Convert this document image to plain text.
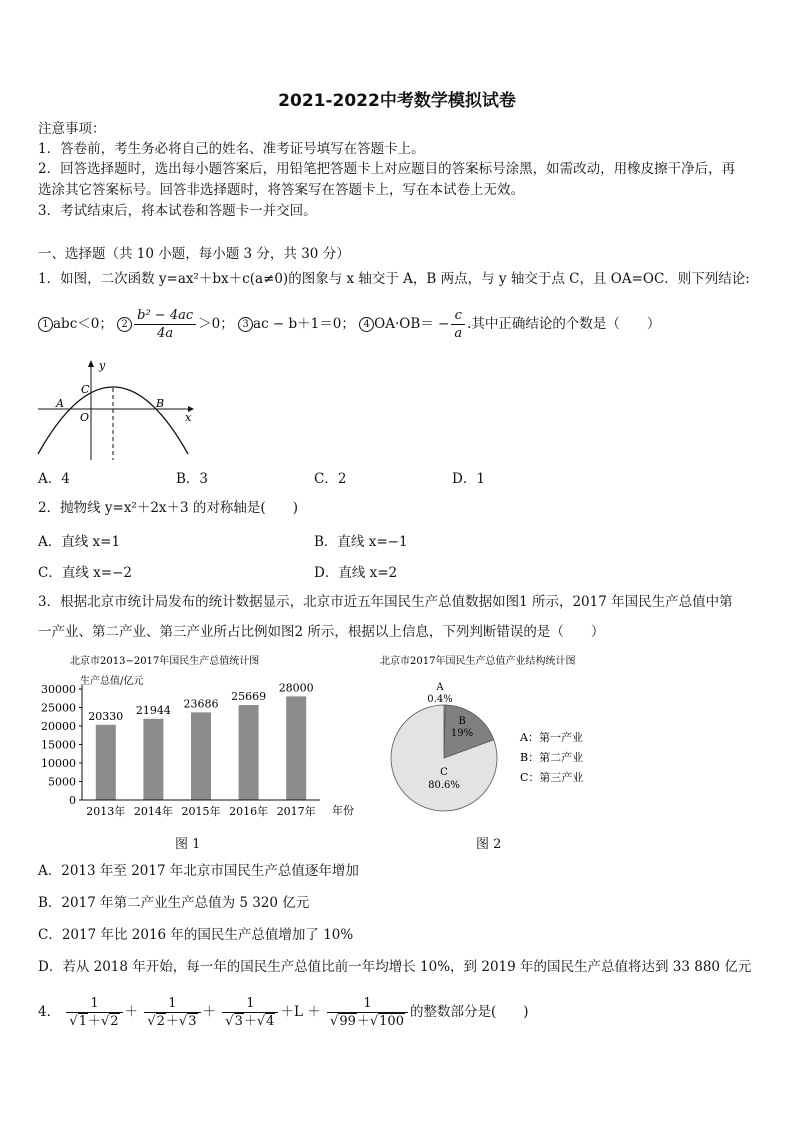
2021-2022中考数学模拟试卷
注意事项：
1．答卷前，考生务必将自己的姓名、准考证号填写在答题卡上。
2．回答选择题时，选出每小题答案后，用铅笔把答题卡上对应题目的答案标号涂黑，如需改动，用橡皮擦干净后，再
选涂其它答案标号。回答非选择题时，将答案写在答题卡上，写在本试卷上无效。
3．考试结束后，将本试卷和答题卡一并交回。
一、选择题（共 10 小题，每小题 3 分，共 30 分）
1．如图，二次函数 y=ax²＋bx＋c(a≠0)的图象与 x 轴交于 A，B 两点，与 y 轴交于点 C，且 OA=OC．则下列结论:
1 abc＜0； $2 \frac{\text{b² − 4ac}}{4a} >0$； 3 ac − b＋1＝0； 4 $OA\cdot OB= - \frac{c}{a}$ .其中正确结论的个数是（　　）
y
x
A	B
C
O
A．4	B．3	C．2	D．1
2．抛物线 y=x²＋2x＋3 的对称轴是(　　)
A．直线 x=1	B．直线 x=−1
C．直线 x=−2	D．直线 x=2
3．根据北京市统计局发布的统计数据显示，北京市近五年国民生产总值数据如图1 所示，2017 年国民生产总值中第
一产业、第二产业、第三产业所占比例如图2 所示，根据以上信息，下列判断错误的是（　　）
北京市2013−2017年国民生产总值统计图
生产总值/亿元
0
5000
10000
15000
20000
25000
30000
2013年 2014年 2015年 2016年 2017年
20330 21944 23686
25669
28000
年份
图 1
北京市2017年国民生产总值产业结构统计图
A
0.4%
B
19%
C
80.6%
A：第一产业
B：第二产业
C：第三产业
图 2
A．2013 年至 2017 年北京市国民生产总值逐年增加
B．2017 年第二产业生产总值为 5 320 亿元
C．2017 年比 2016 年的国民生产总值增加了 10%
D．若从 2018 年开始，每一年的国民生产总值比前一年均增长 10%，到 2019 年的国民生产总值将达到 33 880 亿元
4． $\frac{1}{√1+√2} + \frac{1}{√2+√3} + \frac{1}{√3+√4} +L + \frac{1}{√99+√100}$ 的整数部分是(　　)
